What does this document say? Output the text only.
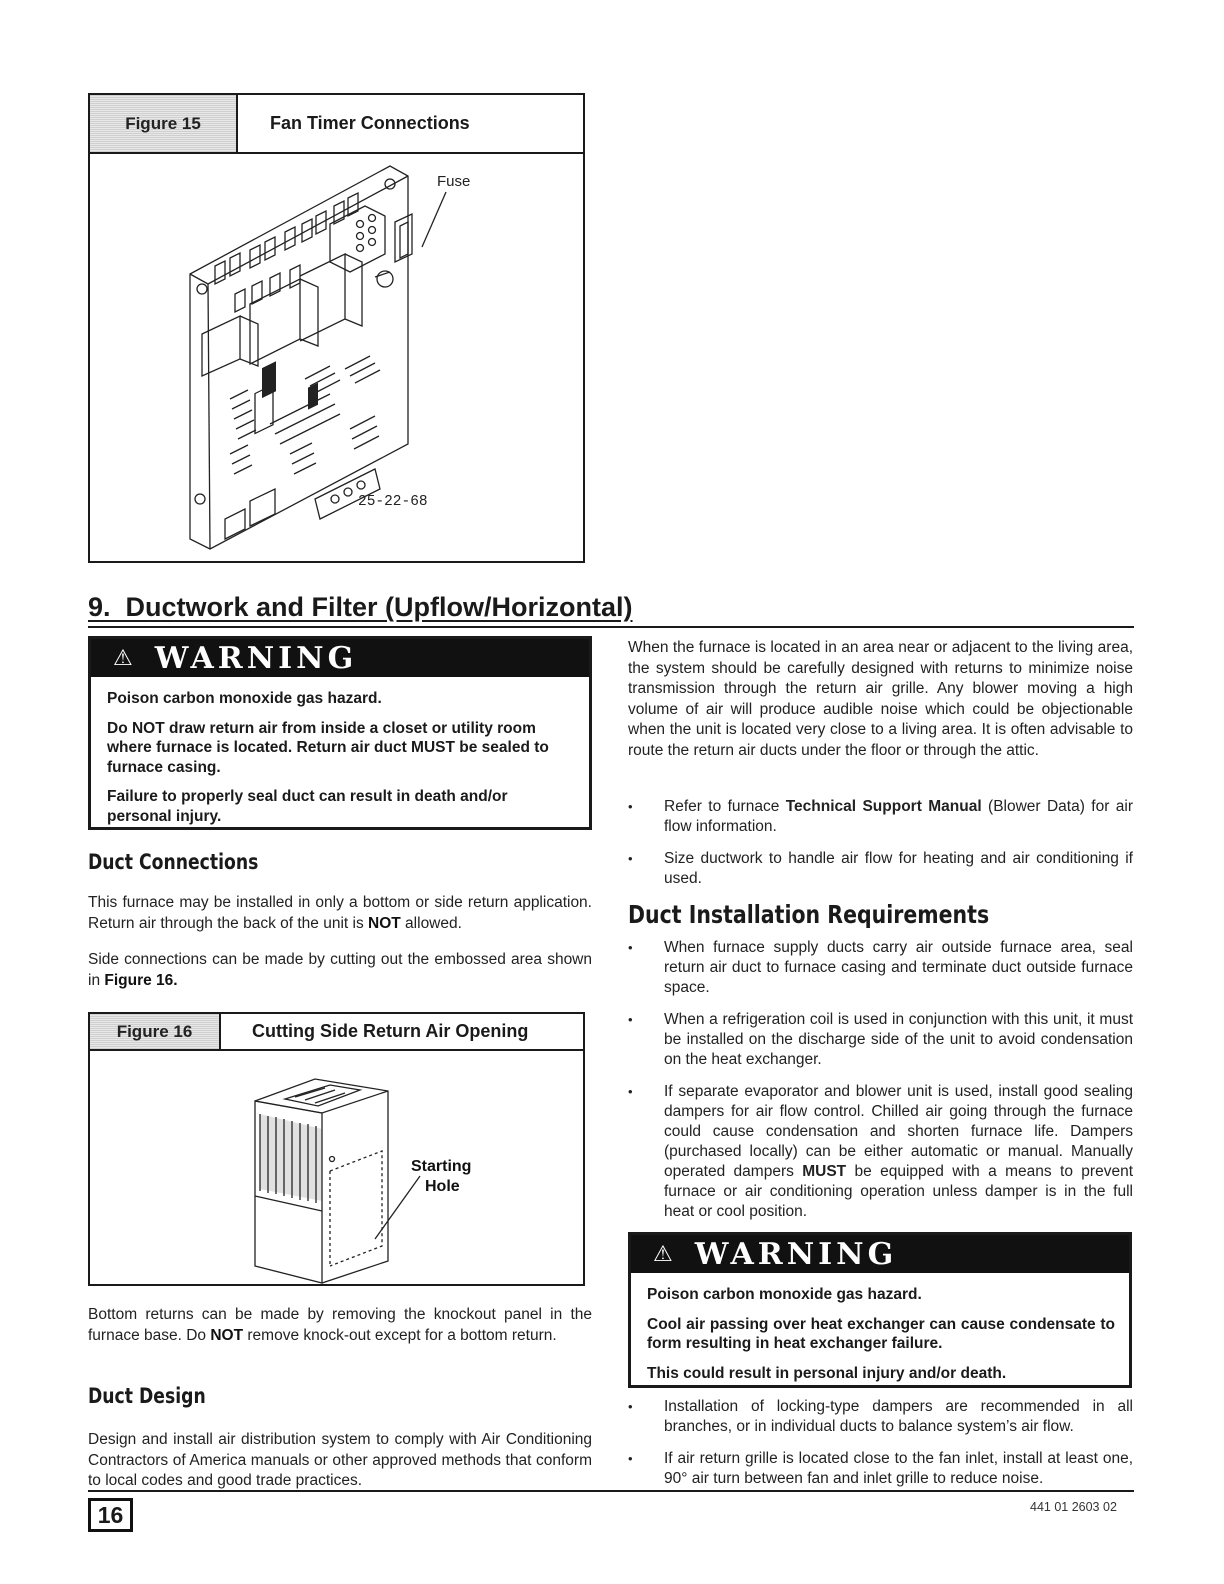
Figure 15	Fan Timer Connections
Fuse
25-22-68
9.  Ductwork and Filter (Upflow/Horizontal)
⚠ WARNING

Poison carbon monoxide gas hazard.

Do NOT draw return air from inside a closet or utility room where furnace is located. Return air duct MUST be sealed to furnace casing.

Failure to properly seal duct can result in death and/or personal injury.

Duct Connections
This furnace may be installed in only a bottom or side return application. Return air through the back of the unit is NOT allowed.
Side connections can be made by cutting out the embossed area shown in Figure 16.
Figure 16	Cutting Side Return Air Opening
Starting
Hole
Bottom returns can be made by removing the knockout panel in the furnace base. Do NOT remove knock-out except for a bottom return.
Duct Design
Design and install air distribution system to comply with Air Conditioning Contractors of America manuals or other approved methods that conform to local codes and good trade practices.
When the furnace is located in an area near or adjacent to the living area, the system should be carefully designed with returns to minimize noise transmission through the return air grille. Any blower moving a high volume of air will produce audible noise which could be objectionable when the unit is located very close to a living area. It is often advisable to route the return air ducts under the floor or through the attic.
• Refer to furnace Technical Support Manual (Blower Data) for air flow information.
• Size ductwork to handle air flow for heating and air conditioning if used.
Duct Installation Requirements
• When furnace supply ducts carry air outside furnace area, seal return air duct to furnace casing and terminate duct outside furnace space.
• When a refrigeration coil is used in conjunction with this unit, it must be installed on the discharge side of the unit to avoid condensation on the heat exchanger.
• If separate evaporator and blower unit is used, install good sealing dampers for air flow control. Chilled air going through the furnace could cause condensation and shorten furnace life. Dampers (purchased locally) can be either automatic or manual. Manually operated dampers MUST be equipped with a means to prevent furnace or air conditioning operation unless damper is in the full heat or cool position.
⚠ WARNING

Poison carbon monoxide gas hazard.

Cool air passing over heat exchanger can cause condensate to form resulting in heat exchanger failure.

This could result in personal injury and/or death.

• Installation of locking-type dampers are recommended in all branches, or in individual ducts to balance system’s air flow.
• If air return grille is located close to the fan inlet, install at least one, 90° air turn between fan and inlet grille to reduce noise.
16	441 01 2603 02
